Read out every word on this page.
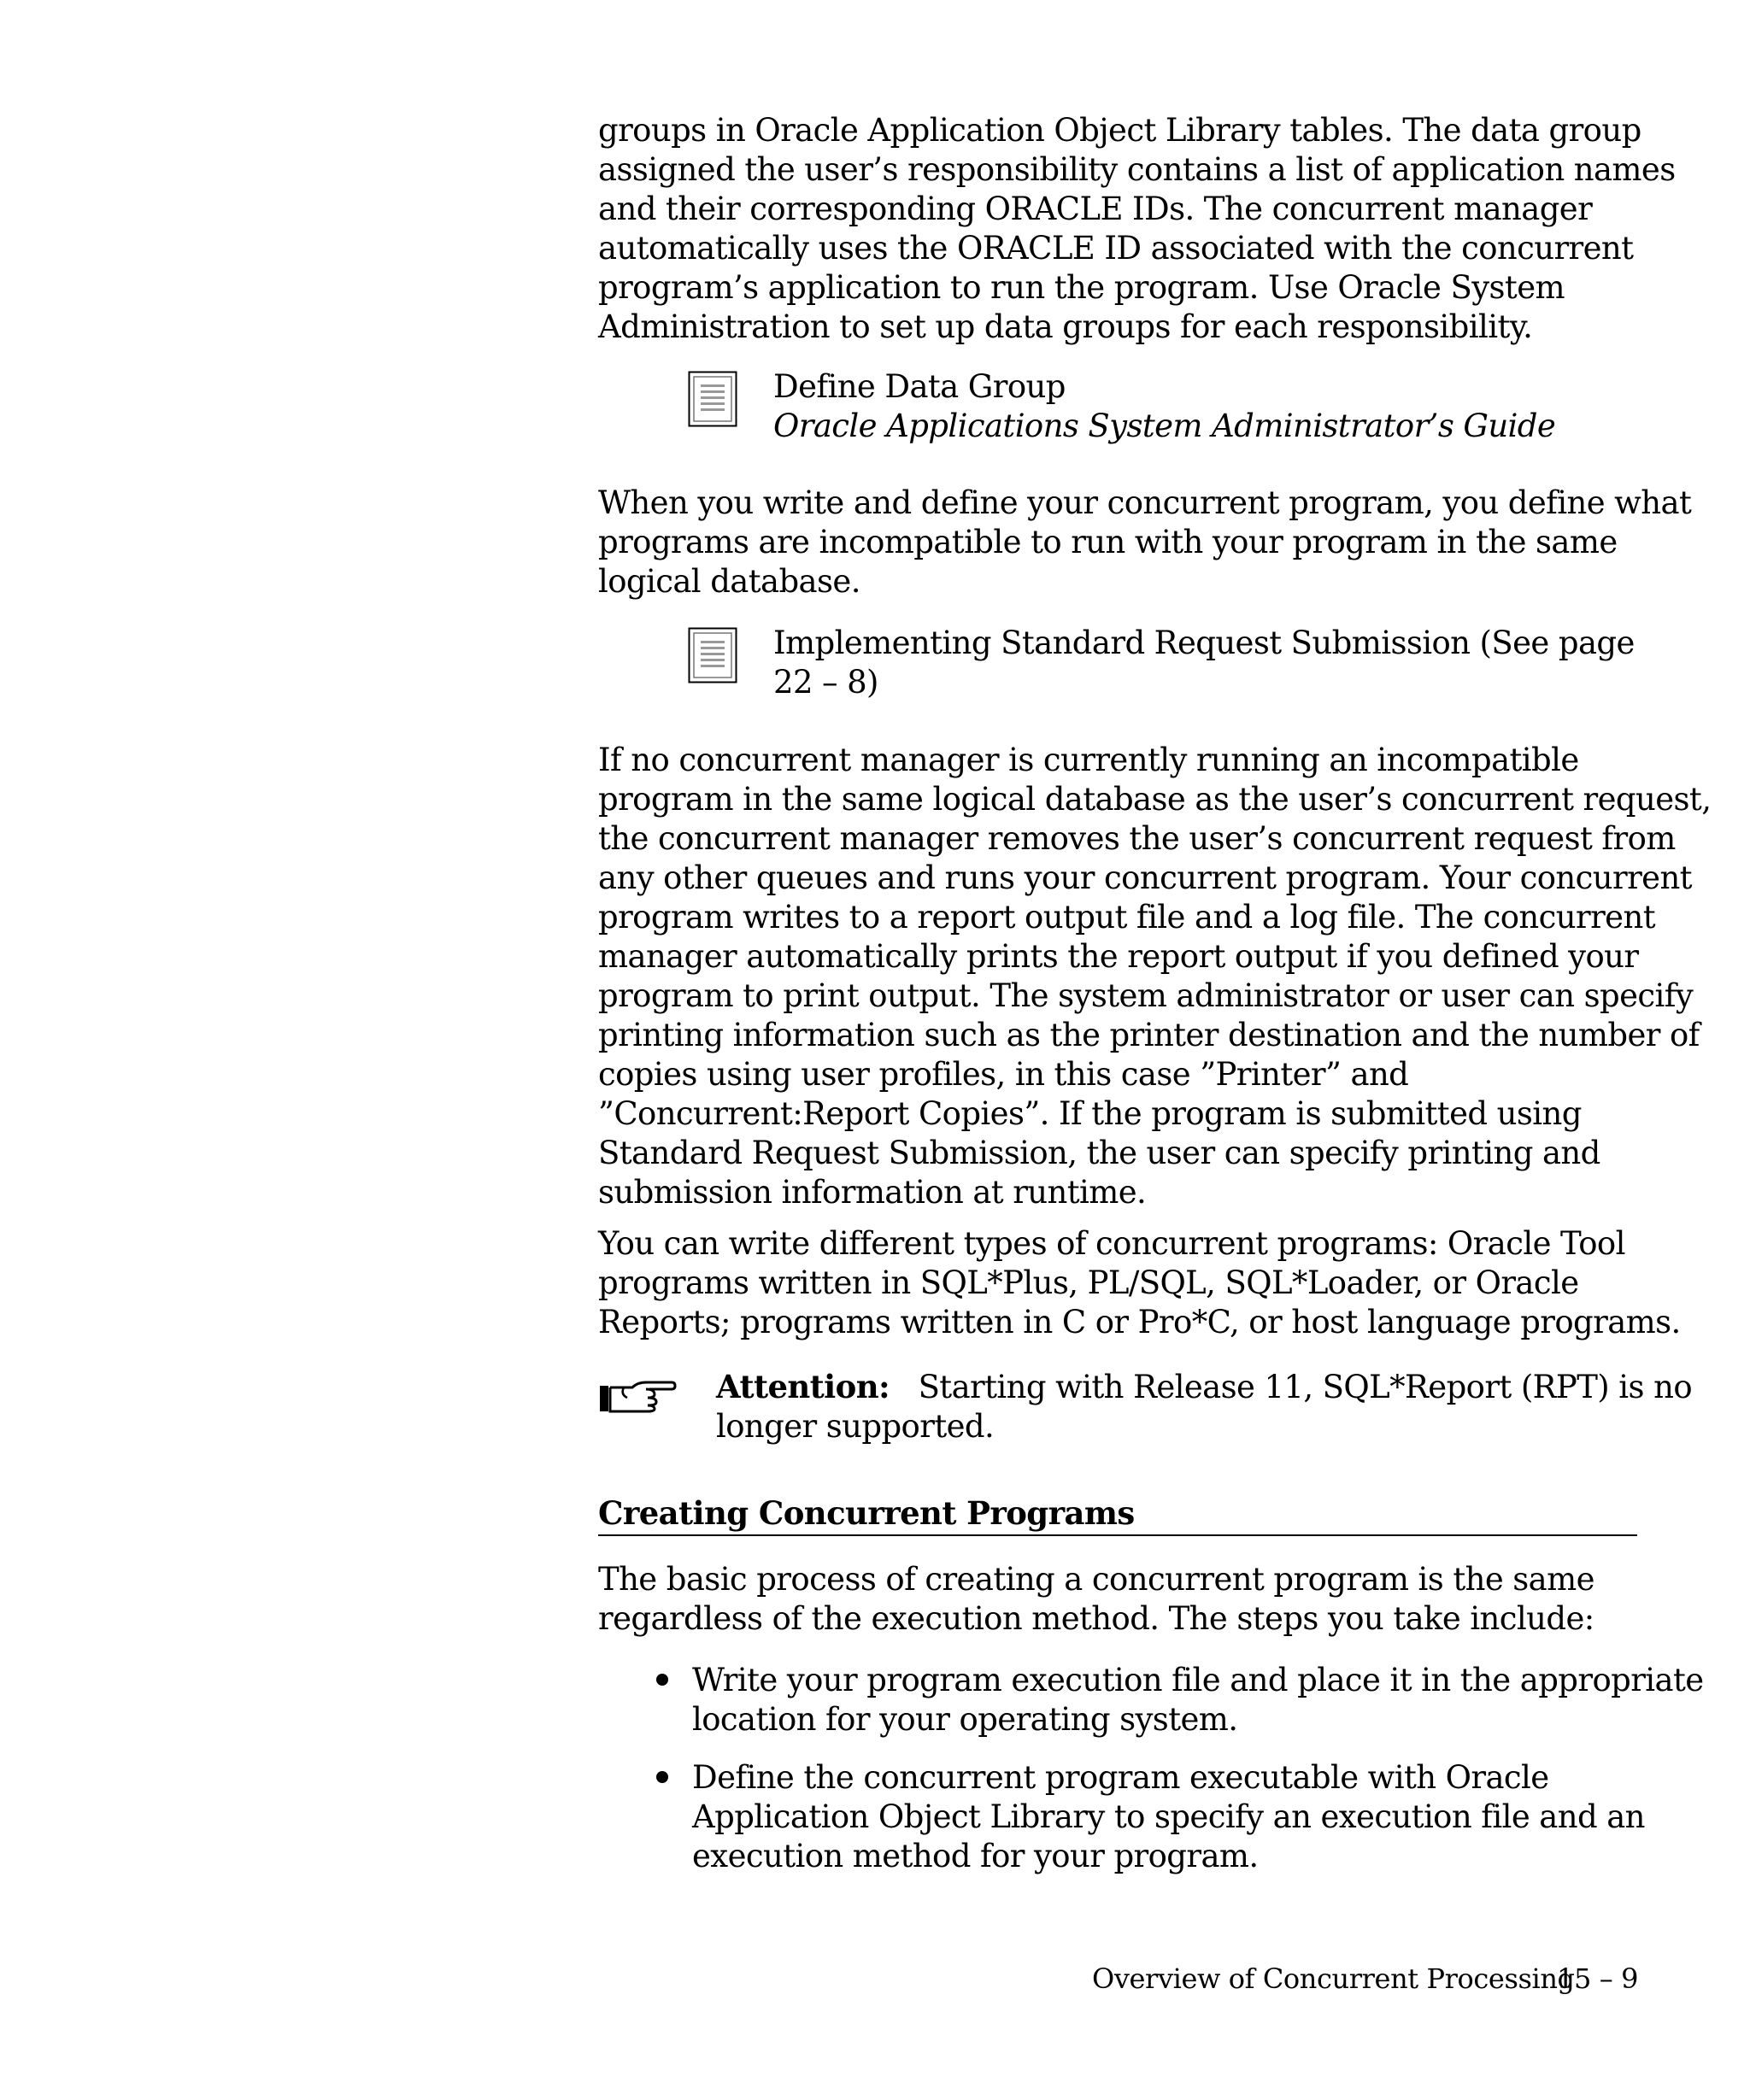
groups in Oracle Application Object Library tables. The data group
assigned the user’s responsibility contains a list of application names
and their corresponding ORACLE IDs. The concurrent manager
automatically uses the ORACLE ID associated with the concurrent
program’s application to run the program. Use Oracle System
Administration to set up data groups for each responsibility.

Define Data Group
Oracle Applications System Administrator’s Guide

When you write and define your concurrent program, you define what
programs are incompatible to run with your program in the same
logical database.

Implementing Standard Request Submission (See page
22 – 8)

If no concurrent manager is currently running an incompatible
program in the same logical database as the user’s concurrent request,
the concurrent manager removes the user’s concurrent request from
any other queues and runs your concurrent program. Your concurrent
program writes to a report output file and a log file. The concurrent
manager automatically prints the report output if you defined your
program to print output. The system administrator or user can specify
printing information such as the printer destination and the number of
copies using user profiles, in this case ”Printer” and
”Concurrent:Report Copies”. If the program is submitted using
Standard Request Submission, the user can specify printing and
submission information at runtime.

You can write different types of concurrent programs: Oracle Tool
programs written in SQL*Plus, PL/SQL, SQL*Loader, or Oracle
Reports; programs written in C or Pro*C, or host language programs.

Attention: Starting with Release 11, SQL*Report (RPT) is no
longer supported.
Creating Concurrent Programs

The basic process of creating a concurrent program is the same
regardless of the execution method. The steps you take include:

Write your program execution file and place it in the appropriate
location for your operating system.
Define the concurrent program executable with Oracle
Application Object Library to specify an execution file and an
execution method for your program.
Overview of Concurrent Processing
15 – 9
